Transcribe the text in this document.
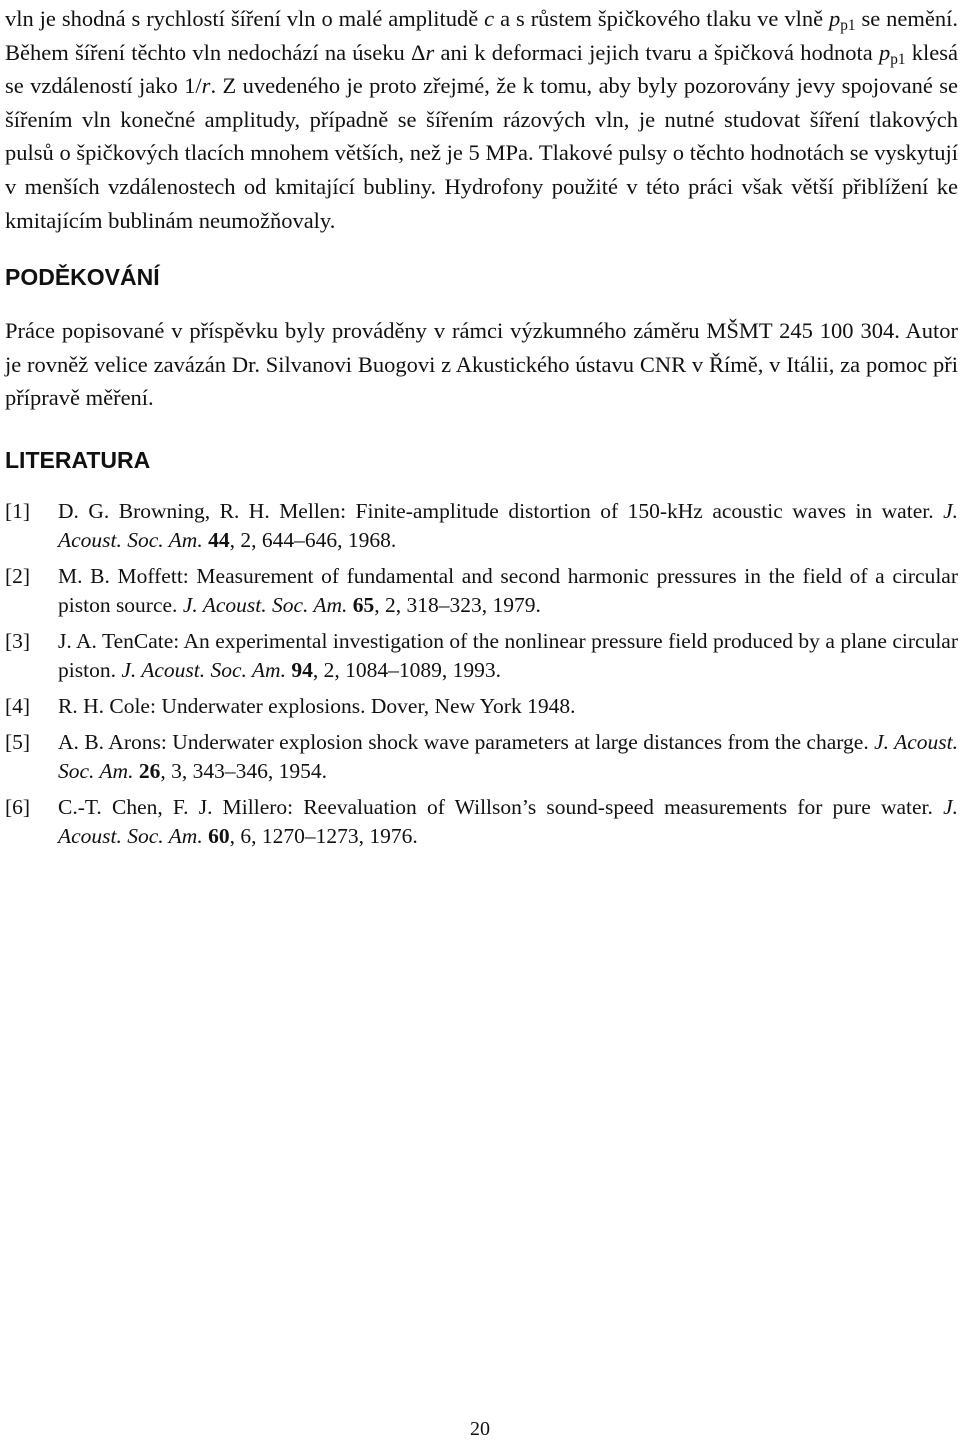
vln je shodná s rychlostí šíření vln o malé amplitudě c a s růstem špičkového tlaku ve vlně $p_{p1}$ se nemění. Během šíření těchto vln nedochází na úseku Δr ani k deformaci jejich tvaru a špičková hodnota $p_{p1}$ klesá se vzdáleností jako 1/r. Z uvedeného je proto zřejmé, že k tomu, aby byly pozorovány jevy spojované se šířením vln konečné amplitudy, případně se šířením rázových vln, je nutné studovat šíření tlakových pulsů o špičkových tlacích mnohem větších, než je 5 MPa. Tlakové pulsy o těchto hodnotách se vyskytují v menších vzdálenostech od kmitající bubliny. Hydrofony použité v této práci však větší přiblížení ke kmitajícím bublinám neumožňovaly.

PODĚKOVÁNÍ

Práce popisované v příspěvku byly prováděny v rámci výzkumného záměru MŠMT 245 100 304. Autor je rovněž velice zavázán Dr. Silvanovi Buogovi z Akustického ústavu CNR v Římě, v Itálii, za pomoc při přípravě měření.

LITERATURA
[1]	D. G. Browning, R. H. Mellen: Finite-amplitude distortion of 150-kHz acoustic waves in water. J. Acoust. Soc. Am. 44, 2, 644–646, 1968.
[2]	M. B. Moffett: Measurement of fundamental and second harmonic pressures in the field of a circular piston source. J. Acoust. Soc. Am. 65, 2, 318–323, 1979.
[3]	J. A. TenCate: An experimental investigation of the nonlinear pressure field produced by a plane circular piston. J. Acoust. Soc. Am. 94, 2, 1084–1089, 1993.
[4]	R. H. Cole: Underwater explosions. Dover, New York 1948.
[5]	A. B. Arons: Underwater explosion shock wave parameters at large distances from the charge. J. Acoust. Soc. Am. 26, 3, 343–346, 1954.
[6]	C.-T. Chen, F. J. Millero: Reevaluation of Willson’s sound-speed measurements for pure water. J. Acoust. Soc. Am. 60, 6, 1270–1273, 1976.
20
